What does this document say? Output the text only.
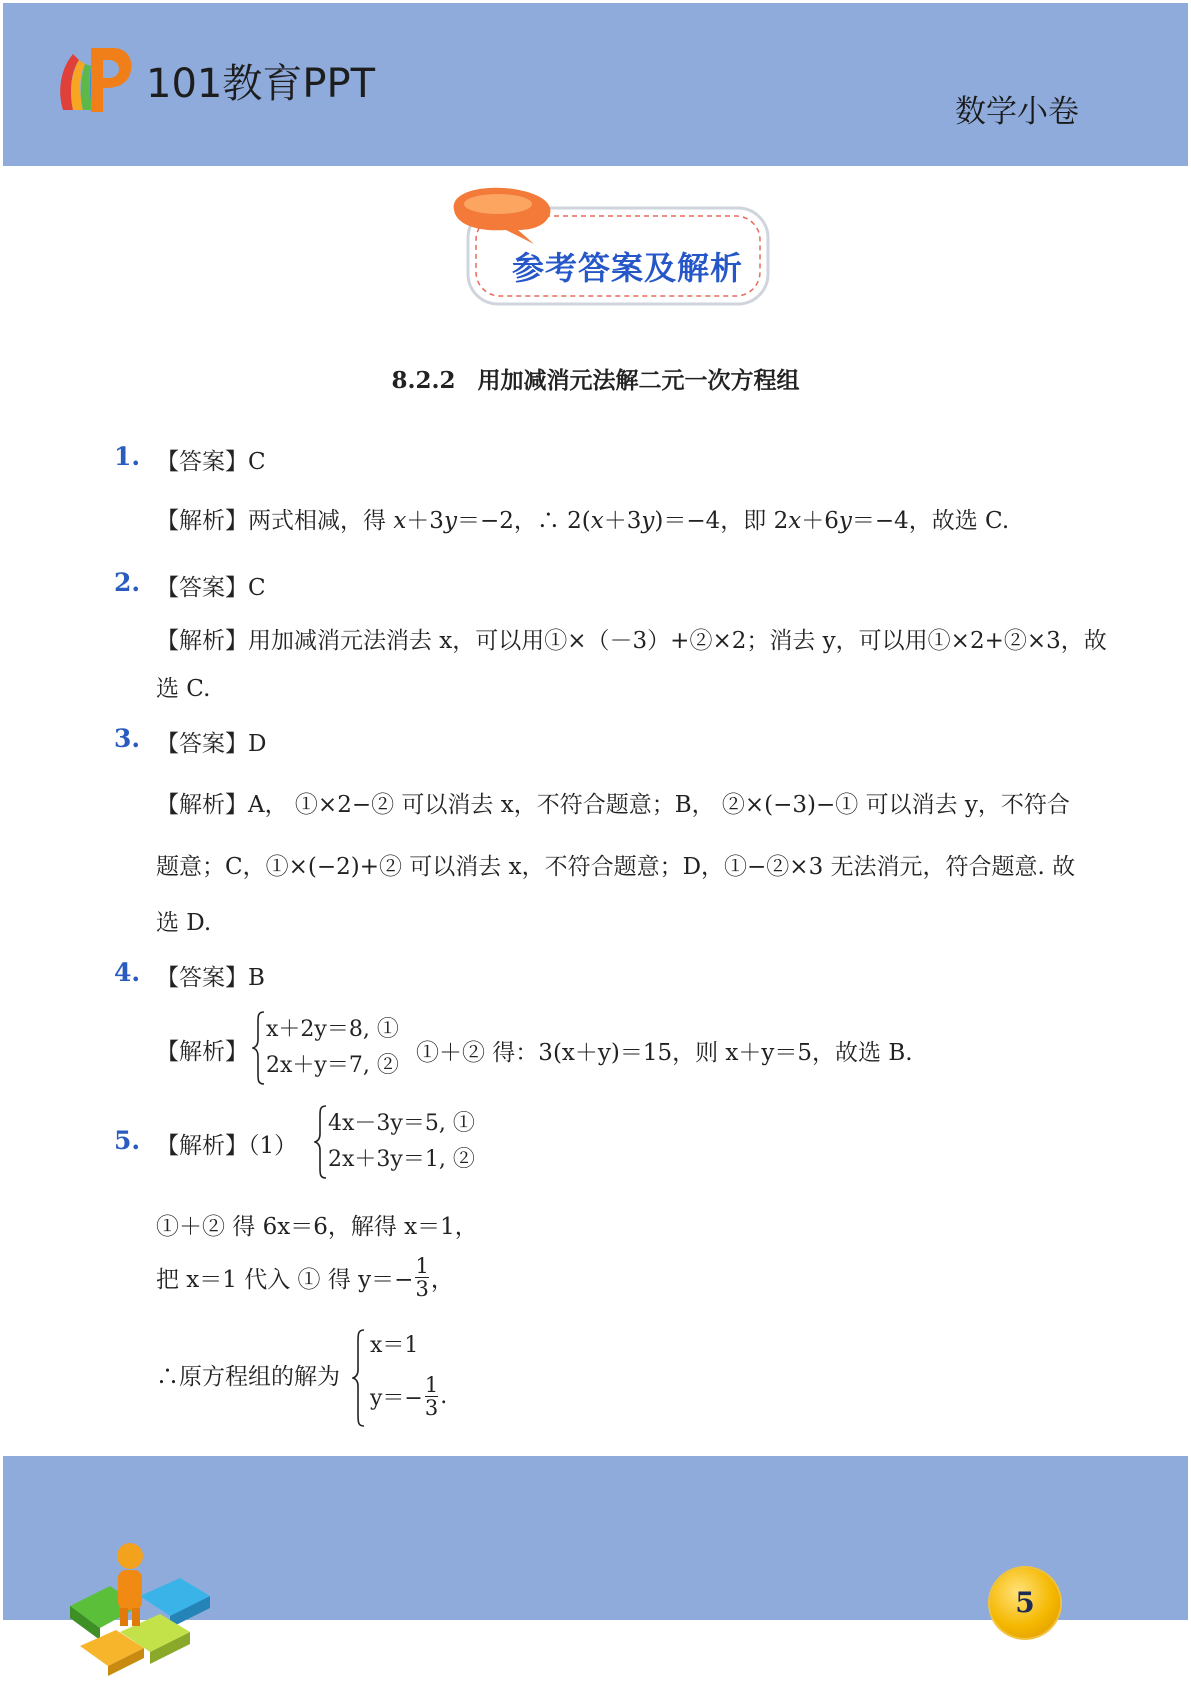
101教育PPT
数学小卷
参考答案及解析
8.2.2 用加减消元法解二元一次方程组
1. 【答案】C
【解析】两式相减，得 x＋3y＝−2，∴ 2(x＋3y)＝−4，即 2x＋6y＝−4，故选 C.
2. 【答案】C
【解析】用加减消元法消去 x，可以用①×（－3）+②×2；消去 y，可以用①×2+②×3，故
选 C.
3. 【答案】D
【解析】A， ①×2−② 可以消去 x，不符合题意；B， ②×(−3)−① 可以消去 y，不符合
题意；C，①×(−2)+② 可以消去 x，不符合题意；D，①−②×3 无法消元，符合题意. 故
选 D.
4. 【答案】B
【解析】
x＋2y＝8, ①
2x＋y＝7, ② ①＋② 得：3(x＋y)＝15，则 x＋y＝5，故选 B.
5. 【解析】（1）
4x－3y＝5, ①
2x＋3y＝1, ②
①＋② 得 6x＝6，解得 x＝1，
把 x＝1 代入 ① 得 $y=- \frac{1}{3}$ ，
∴原方程组的解为
x＝1
$y=- \frac{1}{3}$ .
5
